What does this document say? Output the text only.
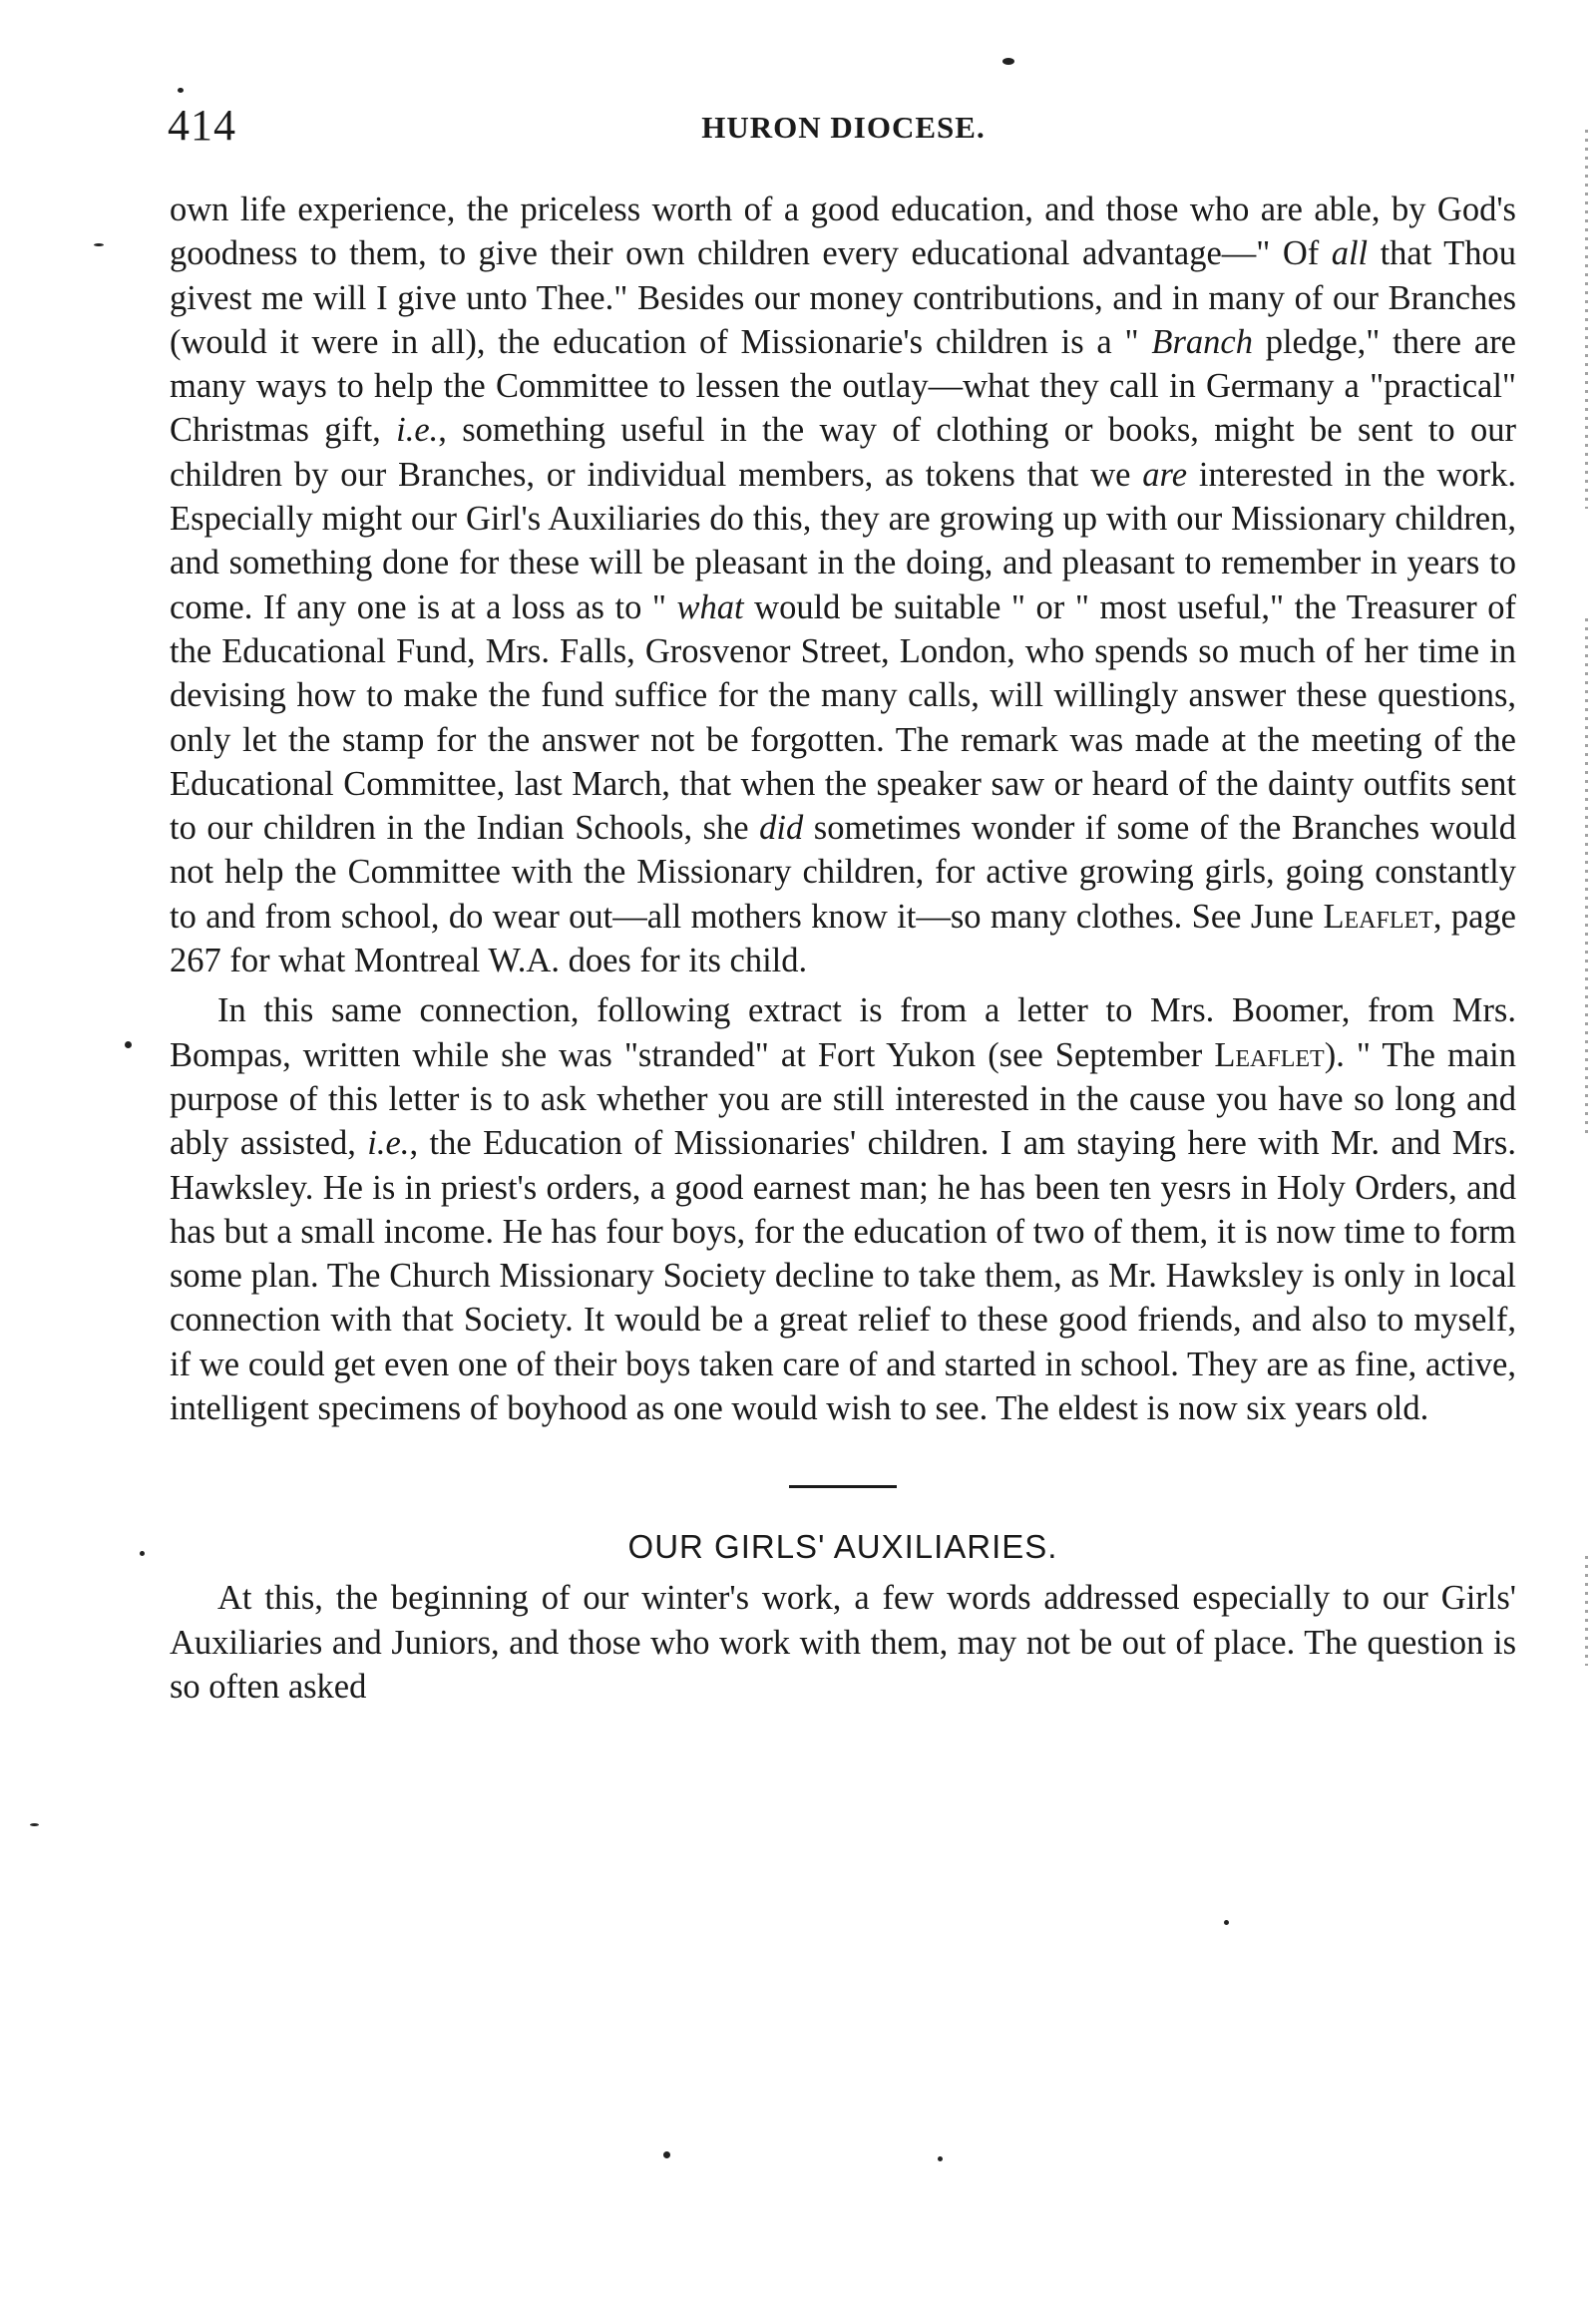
414	HURON DIOCESE.

own life experience, the priceless worth of a good education, and those who are able, by God's goodness to them, to give their own children every educational advantage—" Of all that Thou givest me will I give unto Thee." Besides our money contributions, and in many of our Branches (would it were in all), the education of Missionarie's children is a " Branch pledge," there are many ways to help the Committee to lessen the outlay—what they call in Germany a "practical" Christmas gift, i.e., something useful in the way of clothing or books, might be sent to our children by our Branches, or individual members, as tokens that we are interested in the work. Especially might our Girl's Auxiliaries do this, they are growing up with our Missionary children, and something done for these will be pleasant in the doing, and pleasant to remember in years to come. If any one is at a loss as to " what would be suitable " or " most useful," the Treasurer of the Educational Fund, Mrs. Falls, Grosvenor Street, London, who spends so much of her time in devising how to make the fund suffice for the many calls, will willingly answer these questions, only let the stamp for the answer not be forgotten. The remark was made at the meeting of the Educational Committee, last March, that when the speaker saw or heard of the dainty outfits sent to our children in the Indian Schools, she did sometimes wonder if some of the Branches would not help the Committee with the Missionary children, for active growing girls, going constantly to and from school, do wear out—all mothers know it—so many clothes. See June Leaflet, page 267 for what Montreal W.A. does for its child.

In this same connection, following extract is from a letter to Mrs. Boomer, from Mrs. Bompas, written while she was "stranded" at Fort Yukon (see September Leaflet). " The main purpose of this letter is to ask whether you are still interested in the cause you have so long and ably assisted, i.e., the Education of Missionaries' children. I am staying here with Mr. and Mrs. Hawksley. He is in priest's orders, a good earnest man; he has been ten yesrs in Holy Orders, and has but a small income. He has four boys, for the education of two of them, it is now time to form some plan. The Church Missionary Society decline to take them, as Mr. Hawksley is only in local connection with that Society. It would be a great relief to these good friends, and also to myself, if we could get even one of their boys taken care of and started in school. They are as fine, active, intelligent specimens of boyhood as one would wish to see. The eldest is now six years old.

OUR GIRLS' AUXILIARIES.

At this, the beginning of our winter's work, a few words addressed especially to our Girls' Auxiliaries and Juniors, and those who work with them, may not be out of place. The question is so often asked
